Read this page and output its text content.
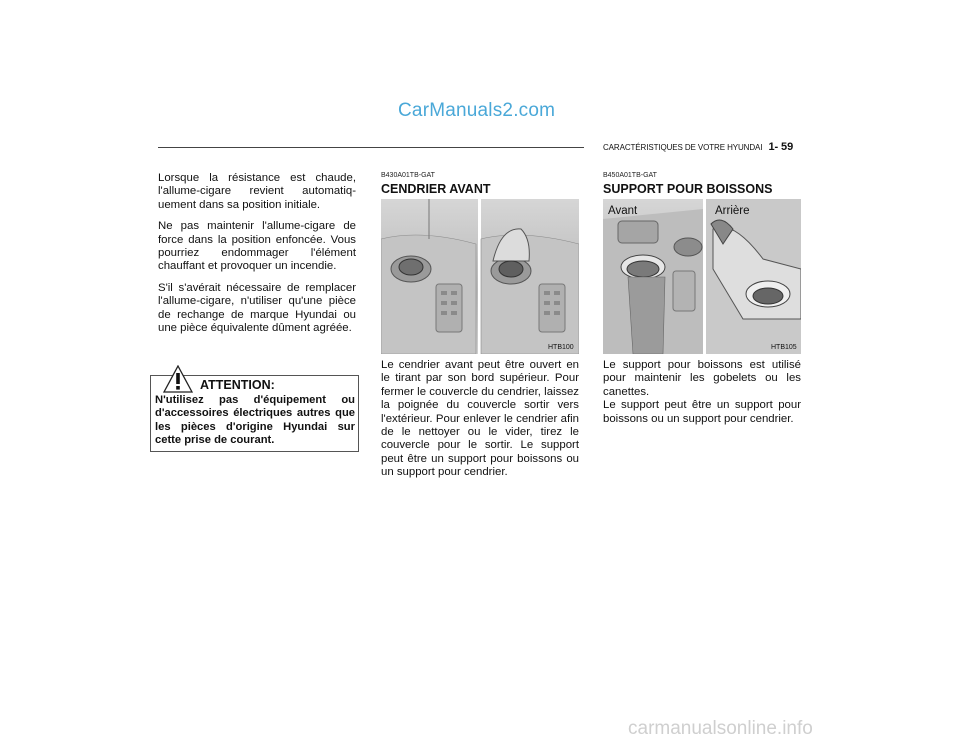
CarManuals2.com
CARACTÉRISTIQUES DE VOTRE HYUNDAI 1- 59

Lorsque la résistance est chaude, l'allume-cigare revient automatiq-uement dans sa position initiale.

Ne pas maintenir l'allume-cigare de force dans la position enfoncée. Vous pourriez endommager l'élément chauffant et provoquer un incendie.

S'il s'avérait nécessaire de remplacer l'allume-cigare, n'utiliser qu'une pièce de rechange de marque Hyundai ou une pièce équivalente dûment agréée.

ATTENTION:
N'utilisez pas d'équipement ou d'accessoires électriques autres que les pièces d'origine Hyundai sur cette prise de courant.
B430A01TB-GAT
CENDRIER AVANT
HTB100
Le cendrier avant peut être ouvert en le tirant par son bord supérieur. Pour fermer le couvercle du cendrier, laissez la poignée du couvercle sortir vers l'extérieur. Pour enlever le cendrier afin de le nettoyer ou le vider, tirez le couvercle pour le sortir. Le support peut être un support pour boissons ou un support pour cendrier.
B450A01TB-GAT
SUPPORT POUR BOISSONS
Avant	Arrière
HTB105
Le support pour boissons est utilisé pour maintenir les gobelets ou les canettes.
Le support peut être un support pour boissons ou un support pour cendrier.
carmanualsonline.info
